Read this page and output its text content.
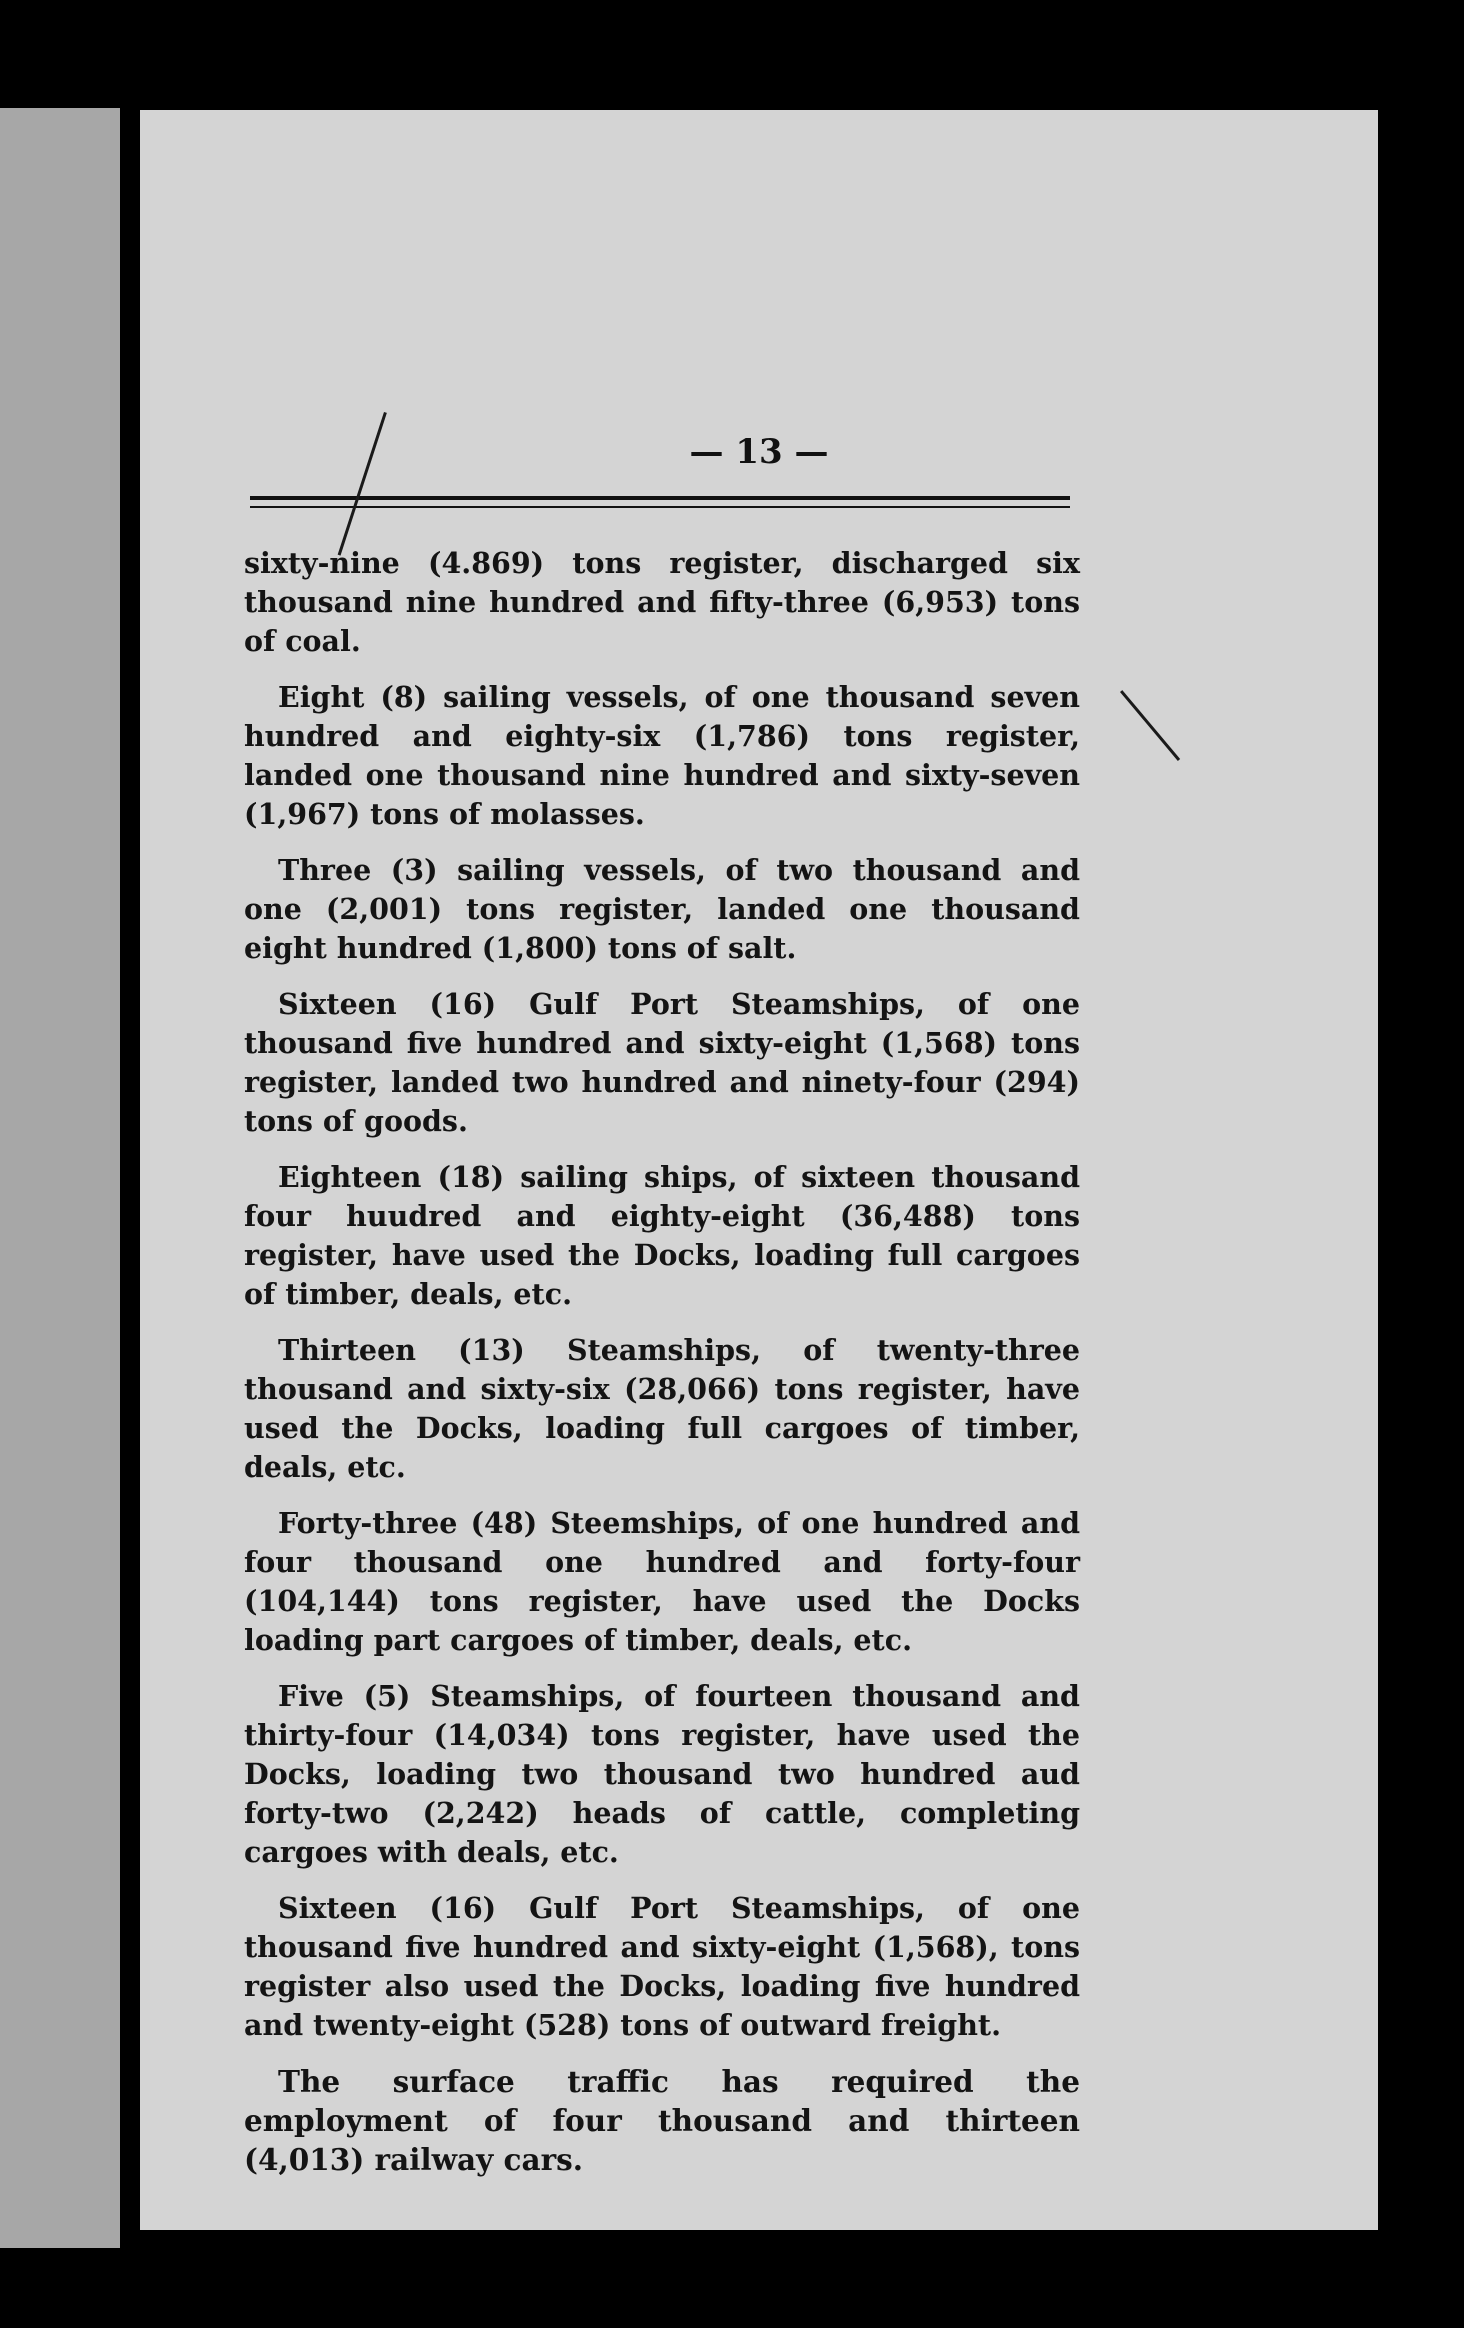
— 13 —

sixty-nine (4.869) tons register, discharged six thousand nine hundred and fifty-three (6,953) tons of coal.

Eight (8) sailing vessels, of one thousand seven hundred and eighty-six (1,786) tons register, landed one thousand nine hundred and sixty-seven (1,967) tons of molasses.

Three (3) sailing vessels, of two thousand and one (2,001) tons register, landed one thousand eight hundred (1,800) tons of salt.

Sixteen (16) Gulf Port Steamships, of one thousand five hundred and sixty-eight (1,568) tons register, landed two hundred and ninety-four (294) tons of goods.

Eighteen (18) sailing ships, of sixteen thousand four huudred and eighty-eight (36,488) tons register, have used the Docks, loading full cargoes of timber, deals, etc.

Thirteen (13) Steamships, of twenty-three thousand and sixty-six (28,066) tons register, have used the Docks, loading full cargoes of timber, deals, etc.

Forty-three (48) Steemships, of one hundred and four thousand one hundred and forty-four (104,144) tons register, have used the Docks loading part cargoes of timber, deals, etc.

Five (5) Steamships, of fourteen thousand and thirty-four (14,034) tons register, have used the Docks, loading two thousand two hundred aud forty-two (2,242) heads of cattle, completing cargoes with deals, etc.

Sixteen (16) Gulf Port Steamships, of one thousand five hundred and sixty-eight (1,568), tons register also used the Docks, loading five hundred and twenty-eight (528) tons of outward freight.

The surface traffic has required the employment of four thousand and thirteen (4,013) railway cars.
